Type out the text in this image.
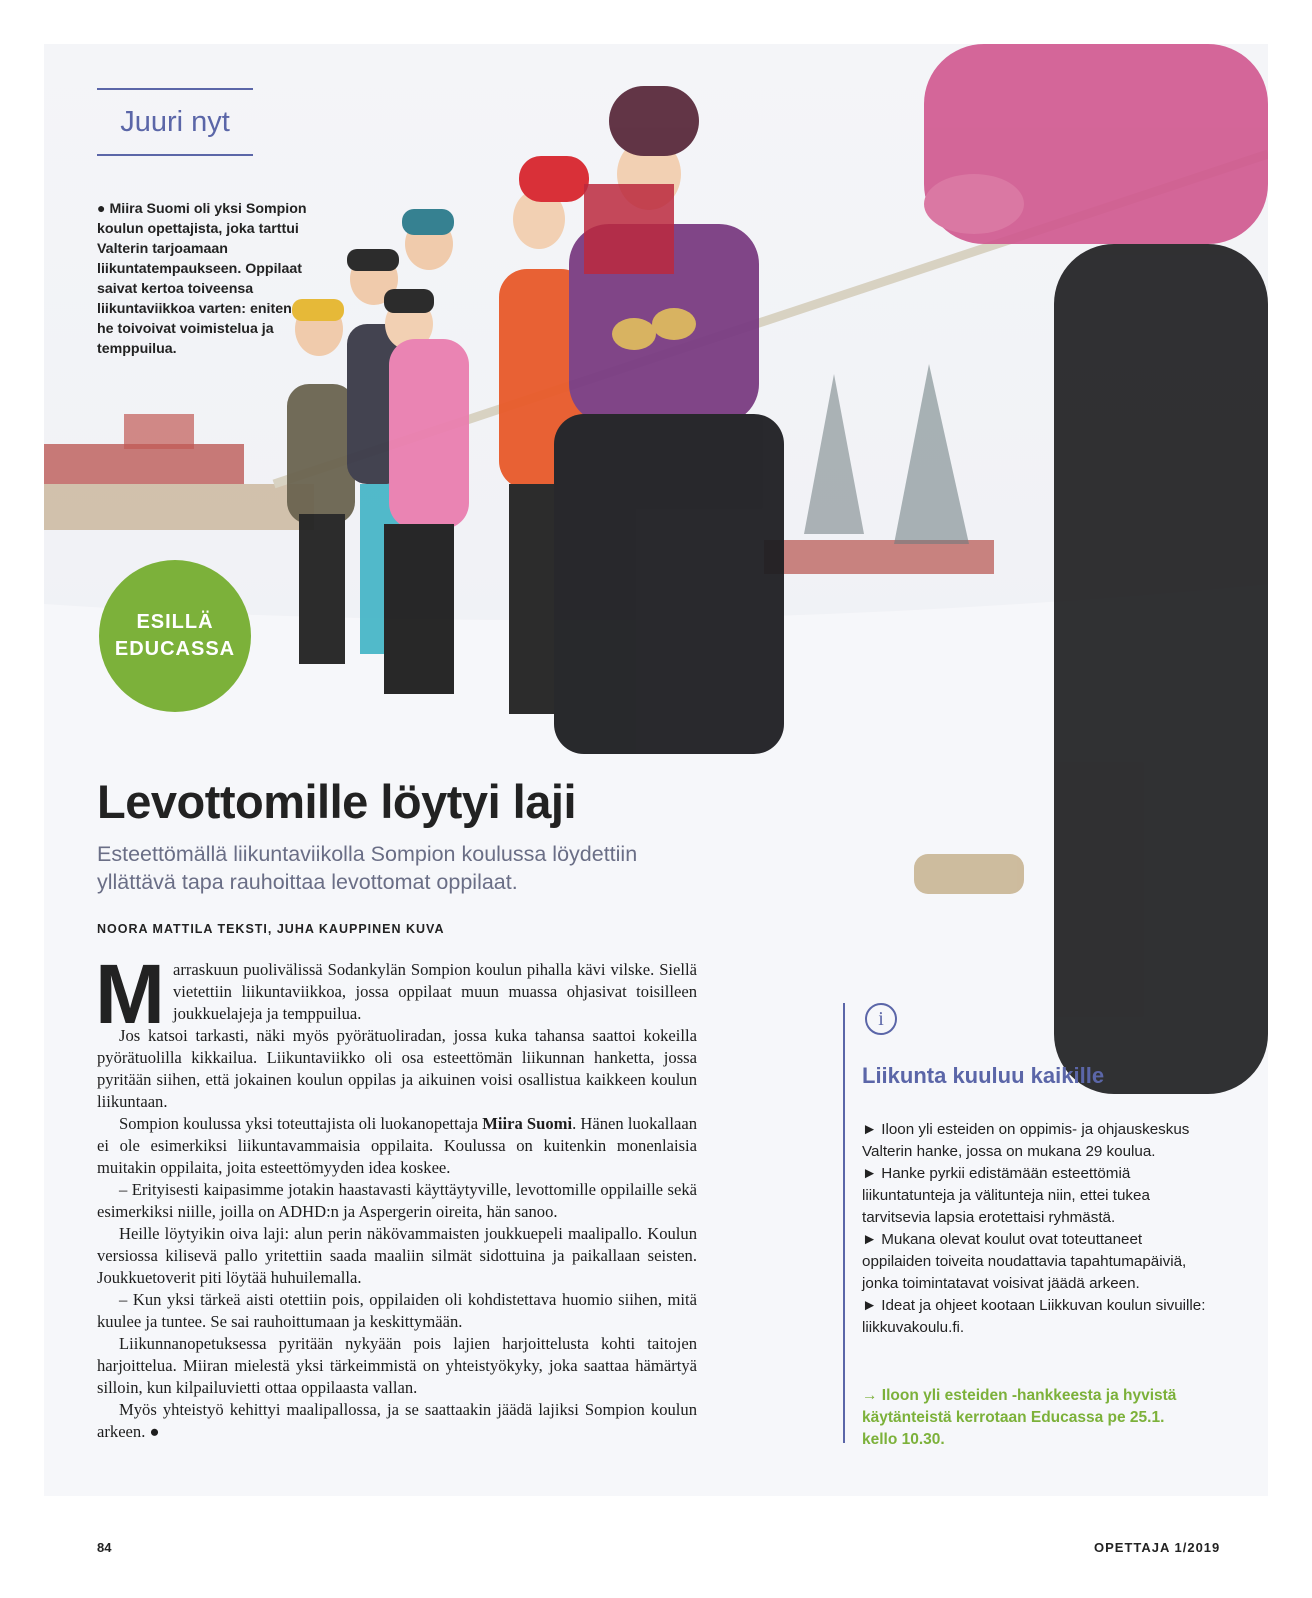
Juuri nyt
● Miira Suomi oli yksi Sompion koulun opettajista, joka tarttui Valterin tarjoamaan liikuntatempaukseen. Oppilaat saivat kertoa toiveensa liikuntaviikkoa varten: eniten he toivoivat voimistelua ja temppuilua.
ESILLÄ
EDUCASSA
Levottomille löytyi laji
Esteettömällä liikuntaviikolla Sompion koulussa löydettiin yllättävä tapa rauhoittaa levottomat oppilaat.
NOORA MATTILA TEKSTI, JUHA KAUPPINEN KUVA

Marraskuun puolivälissä Sodankylän Sompion koulun pihalla kävi vilske. Siellä vietettiin liikuntaviikkoa, jossa oppilaat muun muassa ohjasivat toisilleen joukkuelajeja ja temppuilua.

Jos katsoi tarkasti, näki myös pyörätuoliradan, jossa kuka tahansa saattoi kokeilla pyörätuolilla kikkailua. Liikuntaviikko oli osa esteettömän liikunnan hanketta, jossa pyritään siihen, että jokainen koulun oppilas ja aikuinen voisi osallistua kaikkeen koulun liikuntaan.

Sompion koulussa yksi toteuttajista oli luokanopettaja Miira Suomi. Hänen luokallaan ei ole esimerkiksi liikuntavammaisia oppilaita. Koulussa on kuitenkin monenlaisia muitakin oppilaita, joita esteettömyyden idea koskee.

– Erityisesti kaipasimme jotakin haastavasti käyttäytyville, levottomille oppilaille sekä esimerkiksi niille, joilla on ADHD:n ja Aspergerin oireita, hän sanoo.

Heille löytyikin oiva laji: alun perin näkövammaisten joukkuepeli maalipallo. Koulun versiossa kilisevä pallo yritettiin saada maaliin silmät sidottuina ja paikallaan seisten. Joukkuetoverit piti löytää huhuilemalla.

– Kun yksi tärkeä aisti otettiin pois, oppilaiden oli kohdistettava huomio siihen, mitä kuulee ja tuntee. Se sai rauhoittumaan ja keskittymään.

Liikunnanopetuksessa pyritään nykyään pois lajien harjoittelusta kohti taitojen harjoittelua. Miiran mielestä yksi tärkeimmistä on yhteistyökyky, joka saattaa hämärtyä silloin, kun kilpailuvietti ottaa oppilaasta vallan.

Myös yhteistyö kehittyi maalipallossa, ja se saattaakin jäädä lajiksi Sompion koulun arkeen. ●

i
Liikunta kuuluu kaikille

► Iloon yli esteiden on oppimis- ja ohjauskeskus Valterin hanke, jossa on mukana 29 koulua.

► Hanke pyrkii edistämään esteettömiä liikuntatunteja ja välitunteja niin, ettei tukea tarvitsevia lapsia erotettaisi ryhmästä.

► Mukana olevat koulut ovat toteuttaneet oppilaiden toiveita noudattavia tapahtumapäiviä, jonka toimintatavat voisivat jäädä arkeen.

► Ideat ja ohjeet kootaan Liikkuvan koulun sivuille: liikkuvakoulu.fi.

→ Iloon yli esteiden -hankkeesta ja hyvistä käytänteistä kerrotaan Educassa pe 25.1. kello 10.30.
84	OPETTAJA 1/2019
